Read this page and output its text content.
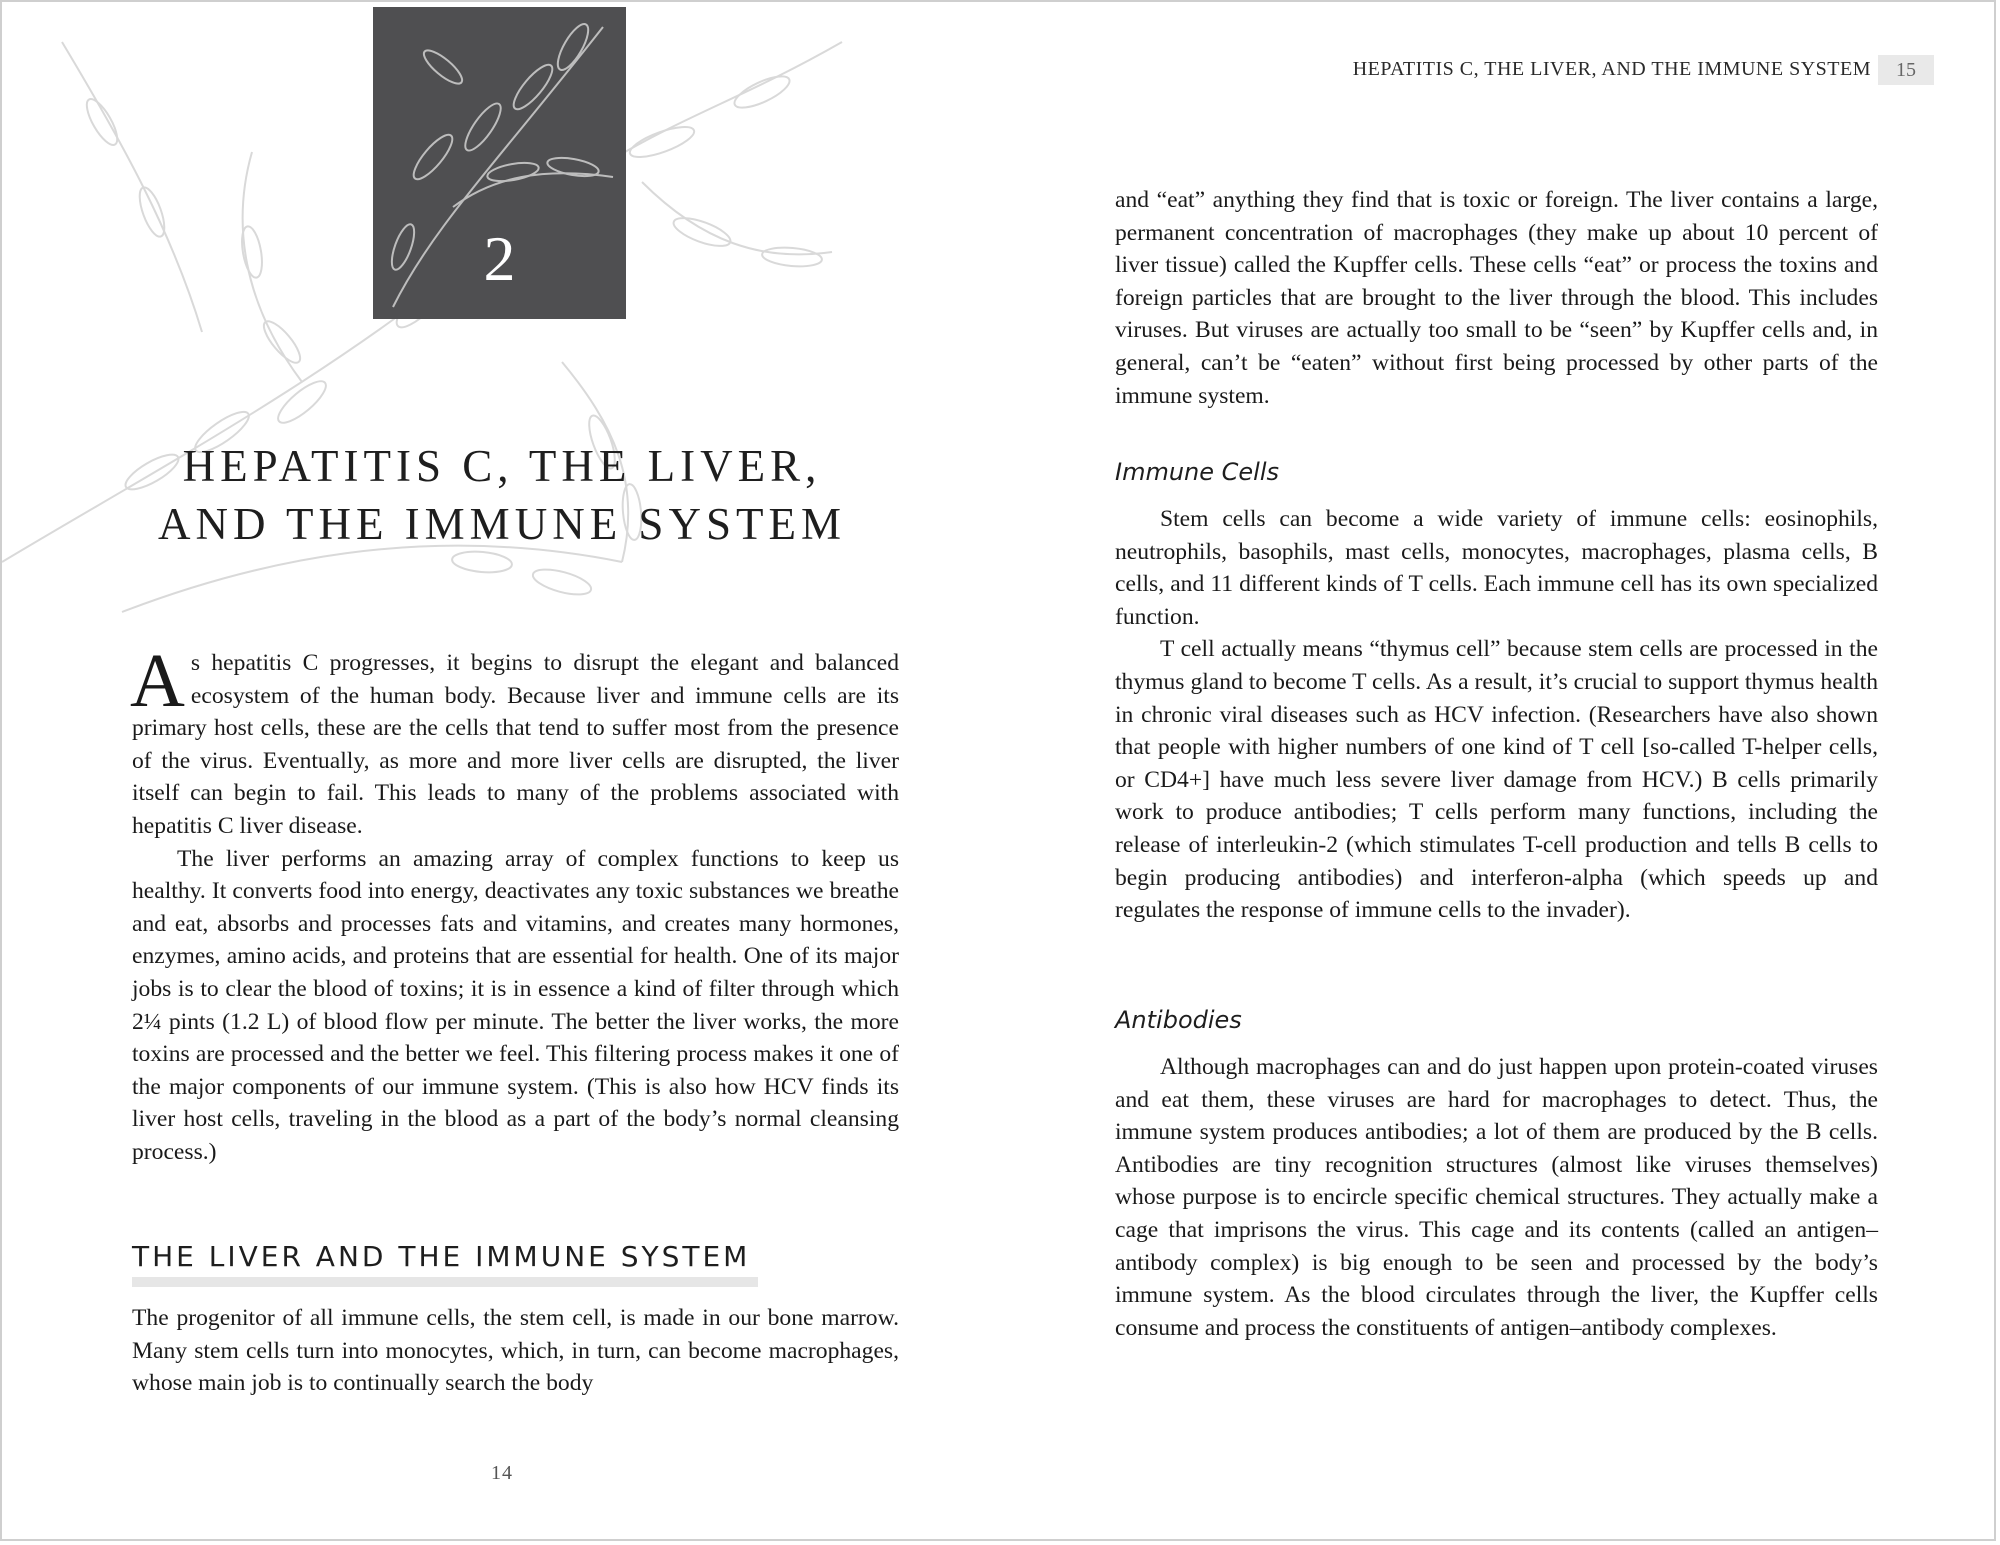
2
HEPATITIS C, THE LIVER,
AND THE IMMUNE SYSTEM

As hepatitis C progresses, it begins to disrupt the elegant and balanced ecosystem of the human body. Because liver and immune cells are its primary host cells, these are the cells that tend to suffer most from the presence of the virus. Eventually, as more and more liver cells are disrupted, the liver itself can begin to fail. This leads to many of the problems associated with hepatitis C liver disease.

The liver performs an amazing array of complex functions to keep us healthy. It converts food into energy, deactivates any toxic substances we breathe and eat, absorbs and processes fats and vitamins, and creates many hormones, enzymes, amino acids, and proteins that are essential for health. One of its major jobs is to clear the blood of toxins; it is in essence a kind of filter through which 2¼ pints (1.2 L) of blood flow per minute. The better the liver works, the more toxins are processed and the better we feel. This filtering process makes it one of the major components of our immune system. (This is also how HCV finds its liver host cells, traveling in the blood as a part of the body’s normal cleansing process.)

THE LIVER AND THE IMMUNE SYSTEM

The progenitor of all immune cells, the stem cell, is made in our bone marrow. Many stem cells turn into monocytes, which, in turn, can become macrophages, whose main job is to continually search the body

14
HEPATITIS C, THE LIVER, AND THE IMMUNE SYSTEM	15

and “eat” anything they find that is toxic or foreign. The liver contains a large, permanent concentration of macrophages (they make up about 10 percent of liver tissue) called the Kupffer cells. These cells “eat” or process the toxins and foreign particles that are brought to the liver through the blood. This includes viruses. But viruses are actually too small to be “seen” by Kupffer cells and, in general, can’t be “eaten” without first being processed by other parts of the immune system.

Immune Cells

Stem cells can become a wide variety of immune cells: eosinophils, neutrophils, basophils, mast cells, monocytes, macrophages, plasma cells, B cells, and 11 different kinds of T cells. Each immune cell has its own specialized function.

T cell actually means “thymus cell” because stem cells are processed in the thymus gland to become T cells. As a result, it’s crucial to support thymus health in chronic viral diseases such as HCV infection. (Researchers have also shown that people with higher numbers of one kind of T cell [so-called T-helper cells, or CD4+] have much less severe liver damage from HCV.) B cells primarily work to produce antibodies; T cells perform many functions, including the release of interleukin-2 (which stimulates T-cell production and tells B cells to begin producing antibodies) and interferon-alpha (which speeds up and regulates the response of immune cells to the invader).

Antibodies

Although macrophages can and do just happen upon protein-coated viruses and eat them, these viruses are hard for macrophages to detect. Thus, the immune system produces antibodies; a lot of them are produced by the B cells. Antibodies are tiny recognition structures (almost like viruses themselves) whose purpose is to encircle specific chemical structures. They actually make a cage that imprisons the virus. This cage and its contents (called an antigen–antibody complex) is big enough to be seen and processed by the body’s immune system. As the blood circulates through the liver, the Kupffer cells consume and process the constituents of antigen–antibody complexes.
